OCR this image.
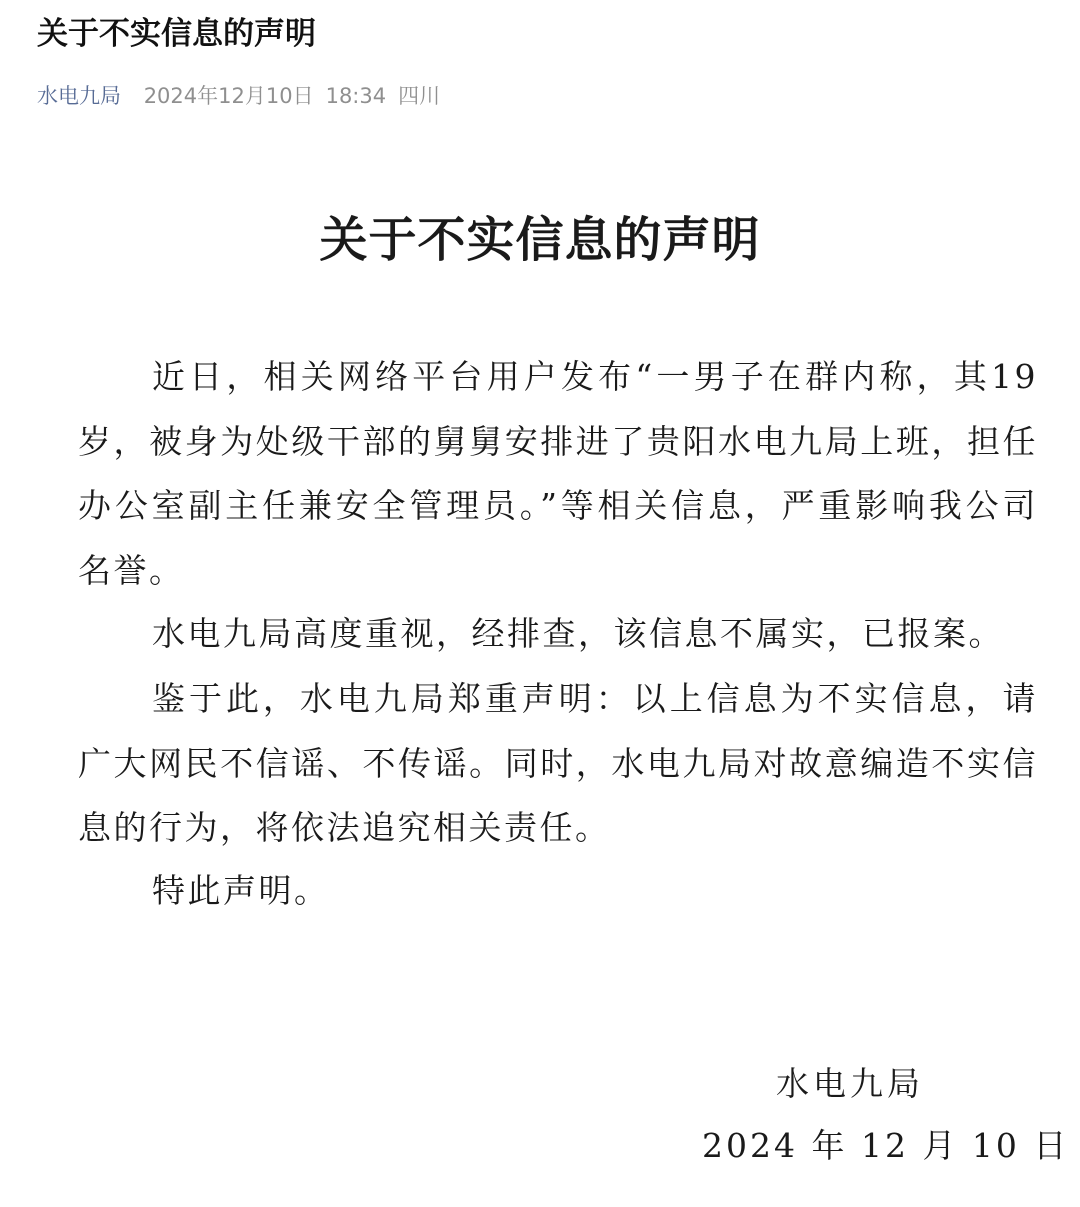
关于不实信息的声明
水电九局 2024年12月10日 18:34 四川
关于不实信息的声明

近日，相关网络平台用户发布“一男子在群内称，其19岁，被身为处级干部的舅舅安排进了贵阳水电九局上班，担任办公室副主任兼安全管理员。”等相关信息，严重影响我公司名誉。

水电九局高度重视，经排查，该信息不属实，已报案。

鉴于此，水电九局郑重声明：以上信息为不实信息，请广大网民不信谣、不传谣。同时，水电九局对故意编造不实信息的行为，将依法追究相关责任。

特此声明。

水电九局
2024 年 12 月 10 日
